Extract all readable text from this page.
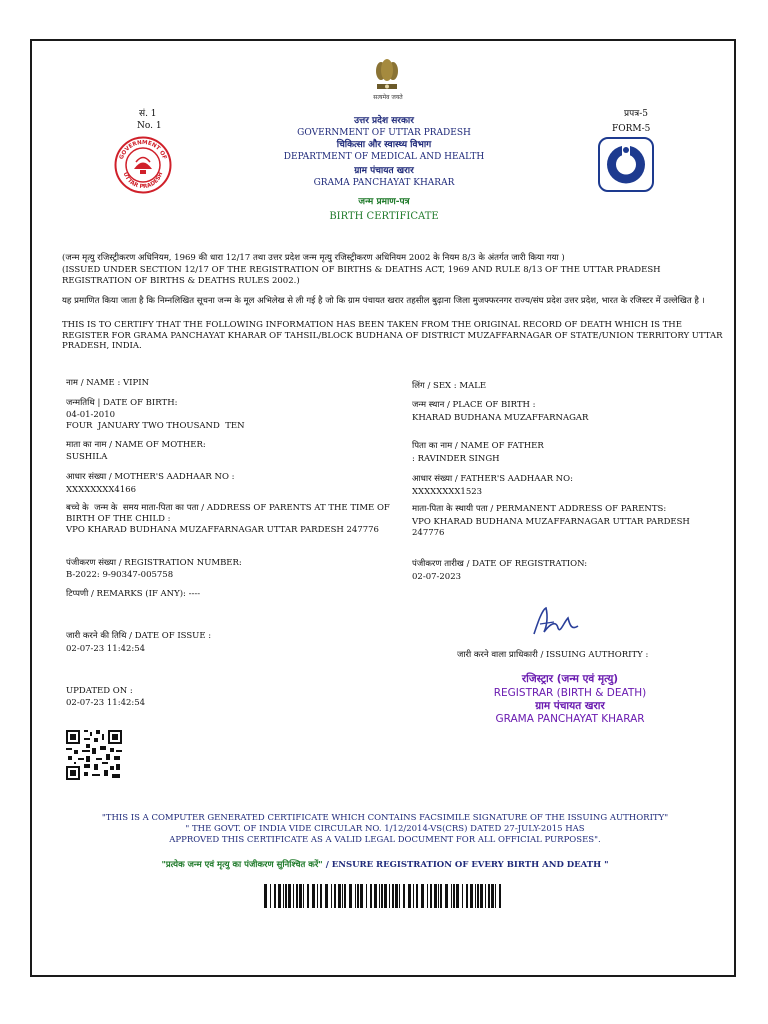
सत्यमेव जयते
सं. 1
No. 1
GOVERNMENT OF
UTTAR PRADESH
उत्तर प्रदेश सरकार
GOVERNMENT OF UTTAR PRADESH
चिकित्सा और स्वास्थ्य विभाग
DEPARTMENT OF MEDICAL AND HEALTH
ग्राम पंचायत खरार
GRAMA PANCHAYAT KHARAR
जन्म प्रमाण-पत्र
BIRTH CERTIFICATE
प्रपत्र-5
FORM-5
(जन्म मृत्यु रजिस्ट्रीकरण अधिनियम, 1969 की धारा 12/17 तथा उत्तर प्रदेश जन्म मृत्यु रजिस्ट्रीकरण अधिनियम 2002 के नियम 8/3 के अंतर्गत जारी किया गया )
(ISSUED UNDER SECTION 12/17 OF THE REGISTRATION OF BIRTHS & DEATHS ACT, 1969 AND RULE 8/13 OF THE UTTAR PRADESH REGISTRATION OF BIRTHS & DEATHS RULES 2002.)
यह प्रमाणित किया जाता है कि निम्नलिखित सूचना जन्म के मूल अभिलेख से ली गई है जो कि ग्राम पंचायत खरार तहसील बुढ़ाना जिला मुजफ्फरनगर राज्य/संघ प्रदेश उत्तर प्रदेश, भारत के रजिस्टर में उल्लेखित है ।
THIS IS TO CERTIFY THAT THE FOLLOWING INFORMATION HAS BEEN TAKEN FROM THE ORIGINAL RECORD OF DEATH WHICH IS THE REGISTER FOR GRAMA PANCHAYAT KHARAR OF TAHSIL/BLOCK BUDHANA OF DISTRICT MUZAFFARNAGAR OF STATE/UNION TERRITORY UTTAR PRADESH, INDIA.
नाम / NAME : VIPIN
जन्मतिथि | DATE OF BIRTH:
04-01-2010
FOUR  JANUARY TWO THOUSAND  TEN
माता का नाम / NAME OF MOTHER:
SUSHILA
आधार संख्या / MOTHER'S AADHAAR NO :
XXXXXXXX4166
बच्चे के  जन्म के  समय माता-पिता का पता / ADDRESS OF PARENTS AT THE TIME OF BIRTH OF THE CHILD :
VPO KHARAD BUDHANA MUZAFFARNAGAR UTTAR PARDESH 247776
पंजीकरण संख्या / REGISTRATION NUMBER:
B-2022: 9-90347-005758
टिप्पणी / REMARKS (IF ANY): ----
जारी करने की तिथि / DATE OF ISSUE :
02-07-23 11:42:54
UPDATED ON :
02-07-23 11:42:54
लिंग / SEX : MALE
जन्म स्थान / PLACE OF BIRTH :
KHARAD BUDHANA MUZAFFARNAGAR
पिता का नाम / NAME OF FATHER
: RAVINDER SINGH
आधार संख्या / FATHER'S AADHAAR NO:
XXXXXXXX1523
माता-पिता के स्थायी पता / PERMANENT ADDRESS OF PARENTS:
VPO KHARAD BUDHANA MUZAFFARNAGAR UTTAR PARDESH 247776
पंजीकरण तारीख / DATE OF REGISTRATION:
02-07-2023
जारी करने वाला प्राधिकारी / ISSUING AUTHORITY :
रजिस्ट्रार (जन्म एवं मृत्यु)
REGISTRAR (BIRTH & DEATH)
ग्राम पंचायत खरार
GRAMA PANCHAYAT KHARAR
"THIS IS A COMPUTER GENERATED CERTIFICATE WHICH CONTAINS FACSIMILE SIGNATURE OF THE ISSUING AUTHORITY"
" THE GOVT. OF INDIA VIDE CIRCULAR NO. 1/12/2014-VS(CRS) DATED 27-JULY-2015 HAS
APPROVED THIS CERTIFICATE AS A VALID LEGAL DOCUMENT FOR ALL OFFICIAL PURPOSES".
"प्रत्येक जन्म एवं मृत्यु का पंजीकरण सुनिश्चित करें" / ENSURE REGISTRATION OF EVERY BIRTH AND DEATH "
